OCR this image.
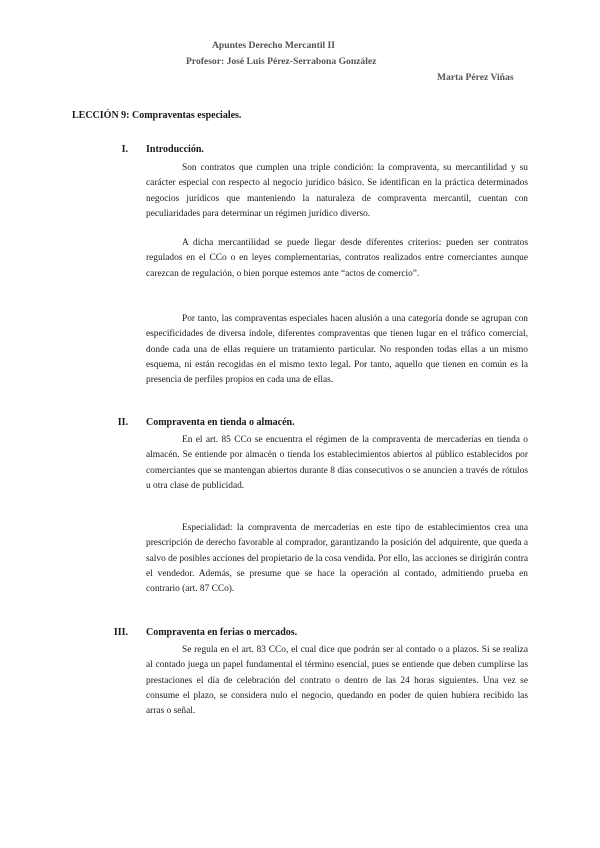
Apuntes Derecho Mercantil II
Profesor: José Luis Pérez-Serrabona González
Marta Pérez Viñas
LECCIÓN 9: Compraventas especiales.
I. Introducción.

Son contratos que cumplen una triple condición: la compraventa, su mercantilidad y su carácter especial con respecto al negocio jurídico básico. Se identifican en la práctica determinados negocios jurídicos que manteniendo la naturaleza de compraventa mercantil, cuentan con peculiaridades para determinar un régimen jurídico diverso.

A dicha mercantilidad se puede llegar desde diferentes criterios: pueden ser contratos regulados en el CCo o en leyes complementarias, contratos realizados entre comerciantes aunque carezcan de regulación, o bien porque estemos ante “actos de comercio”.

Por tanto, las compraventas especiales hacen alusión a una categoría donde se agrupan con especificidades de diversa índole, diferentes compraventas que tienen lugar en el tráfico comercial, donde cada una de ellas requiere un tratamiento particular. No responden todas ellas a un mismo esquema, ni están recogidas en el mismo texto legal. Por tanto, aquello que tienen en común es la presencia de perfiles propios en cada una de ellas.

II. Compraventa en tienda o almacén.

En el art. 85 CCo se encuentra el régimen de la compraventa de mercaderías en tienda o almacén. Se entiende por almacén o tienda los establecimientos abiertos al público establecidos por comerciantes que se mantengan abiertos durante 8 días consecutivos o se anuncien a través de rótulos u otra clase de publicidad.

Especialidad: la compraventa de mercaderías en este tipo de establecimientos crea una prescripción de derecho favorable al comprador, garantizando la posición del adquirente, que queda a salvo de posibles acciones del propietario de la cosa vendida. Por ello, las acciones se dirigirán contra el vendedor. Además, se presume que se hace la operación al contado, admitiendo prueba en contrario (art. 87 CCo).

III. Compraventa en ferias o mercados.

Se regula en el art. 83 CCo, el cual dice que podrán ser al contado o a plazos. Si se realiza al contado juega un papel fundamental el término esencial, pues se entiende que deben cumplirse las prestaciones el día de celebración del contrato o dentro de las 24 horas siguientes. Una vez se consume el plazo, se considera nulo el negocio, quedando en poder de quien hubiera recibido las arras o señal.
